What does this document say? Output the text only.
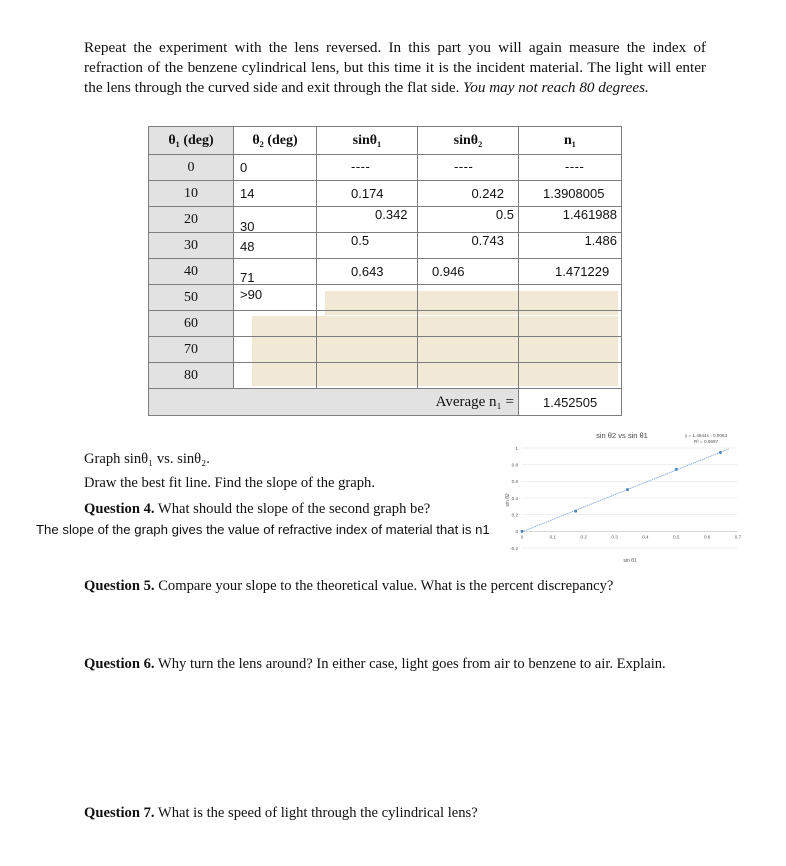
Repeat the experiment with the lens reversed. In this part you will again measure the index of refraction of the benzene cylindrical lens, but this time it is the incident material. The light will enter the lens through the curved side and exit through the flat side. You may not reach 80 degrees.
θ₁ (deg)	θ₂ (deg)	sinθ₁	sinθ₂	n₁
0	0	----	----	----

10	14	0.174	0.242	1.3908005

20	30	0.342	0.5	1.461988

30	48	0.5	0.743	1.486

40	71	0.643	0.946	1.471229

50	>90			

60				
70				
80				
Average n₁ =				1.452505
Graph sinθ₁ vs. sinθ₂.
Draw the best fit line. Find the slope of the graph.
Question 4. What should the slope of the second graph be?
The slope of the graph gives the value of refractive index of material that is n1
sin θ2 vs sin θ1	y = 1.4844x - 0.0063
R² = 0.9997
sin θ2
sin θ1
-0.2
0
0.2
0.4
0.6
0.8
1
0	0.1	0.2	0.3	0.4	0.5	0.6	0.7
Question 5. Compare your slope to the theoretical value. What is the percent discrepancy?
Question 6. Why turn the lens around? In either case, light goes from air to benzene to air. Explain.
Question 7. What is the speed of light through the cylindrical lens?
